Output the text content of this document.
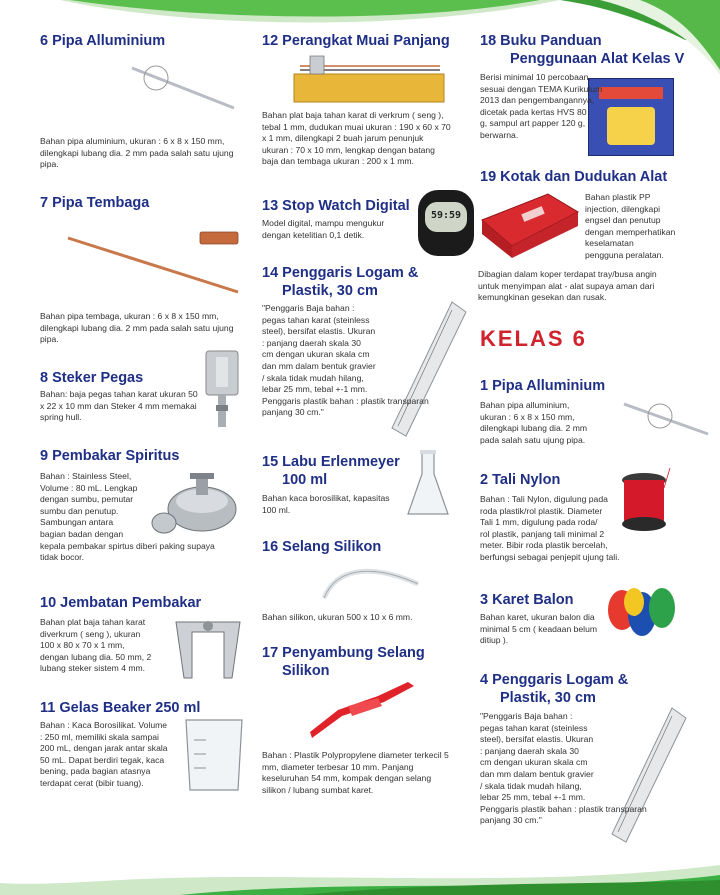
6 Pipa Alluminium
Bahan pipa aluminium, ukuran : 6 x 8 x 150 mm, dilengkapi lubang dia. 2 mm pada salah satu ujung pipa.
7 Pipa Tembaga
Bahan pipa tembaga, ukuran : 6 x 8 x 150 mm, dilengkapi lubang dia. 2 mm pada salah satu ujung pipa.
8 Steker Pegas
Bahan: baja pegas tahan karat ukuran 50 x 22 x 10 mm dan Steker 4 mm memakai spring hull.
9 Pembakar Spiritus
Bahan : Stainless Steel,
Volume : 80 mL. Lengkap
dengan sumbu, pemutar
sumbu dan penutup.
Sambungan antara
bagian badan dengan
kepala pembakar spirtus diberi paking supaya
tidak bocor.
10 Jembatan Pembakar
Bahan plat baja tahan karat
diverkrum ( seng ), ukuran
100 x 80 x 70 x 1 mm,
dengan lubang dia. 50 mm, 2
lubang steker sistem 4 mm.
11 Gelas Beaker 250 ml
Bahan : Kaca Borosilikat. Volume
: 250 ml, memiliki skala sampai
200 mL, dengan jarak antar skala
50 mL. Dapat berdiri tegak, kaca
bening, pada bagian atasnya
terdapat cerat (bibir tuang).
12 Perangkat Muai Panjang
Bahan plat baja tahan karat di verkrum ( seng ), tebal 1 mm, dudukan muai ukuran : 190 x 60 x 70 x 1 mm, dilengkapi 2 buah jarum penunjuk ukuran : 70 x 10 mm, lengkap dengan batang baja dan tembaga ukuran : 200 x 1 mm.
13 Stop Watch Digital
59:59
Model digital, mampu mengukur
dengan ketelitian 0,1 detik.
14 Penggaris Logam &
Plastik, 30 cm
"Penggaris Baja bahan :
pegas tahan karat (steinless
steel), bersifat elastis. Ukuran
: panjang daerah skala 30
cm dengan ukuran skala cm
dan mm dalam bentuk gravier
/ skala tidak mudah hilang,
lebar 25 mm, tebal +-1 mm.
Penggaris plastik bahan : plastik transparan
panjang 30 cm."
15 Labu Erlenmeyer
100 ml
Bahan kaca borosilikat, kapasitas
100 ml.
16 Selang Silikon
Bahan silikon, ukuran 500 x 10 x 6 mm.
17 Penyambung Selang
Silikon
Bahan : Plastik Polypropylene diameter terkecil 5 mm, diameter terbesar 10 mm. Panjang keseluruhan 54 mm, kompak dengan selang silikon / lubang sumbat karet.
18 Buku Panduan
Penggunaan Alat Kelas V
Berisi minimal 10 percobaan,
sesuai dengan TEMA Kurikulum
2013 dan pengembangannya,
dicetak pada kertas HVS 80
g, sampul art papper 120 g,
berwarna.
19 Kotak dan Dudukan Alat
Bahan plastik PP
injection, dilengkapi
engsel dan penutup
dengan memperhatikan
keselamatan
pengguna peralatan.
Dibagian dalam koper terdapat tray/busa angin
untuk menyimpan alat - alat supaya aman dari
kemungkinan gesekan dan rusak.
KELAS 6
1 Pipa Alluminium
Bahan pipa alluminium,
ukuran : 6 x 8 x 150 mm,
dilengkapi lubang dia. 2 mm
pada salah satu ujung pipa.
2 Tali Nylon
Bahan : Tali Nylon, digulung pada
roda plastik/rol plastik. Diameter
Tali 1 mm, digulung pada roda/
rol plastik, panjang tali minimal 2
meter. Bibir roda plastik bercelah,
berfungsi sebagai penjepit ujung tali.
3 Karet Balon
Bahan karet, ukuran balon dia
minimal 5 cm ( keadaan belum
ditiup ).
4 Penggaris Logam &
Plastik, 30 cm
"Penggaris Baja bahan :
pegas tahan karat (steinless
steel), bersifat elastis. Ukuran
: panjang daerah skala 30
cm dengan ukuran skala cm
dan mm dalam bentuk gravier
/ skala tidak mudah hilang,
lebar 25 mm, tebal +-1 mm.
Penggaris plastik bahan : plastik transparan
panjang 30 cm."
